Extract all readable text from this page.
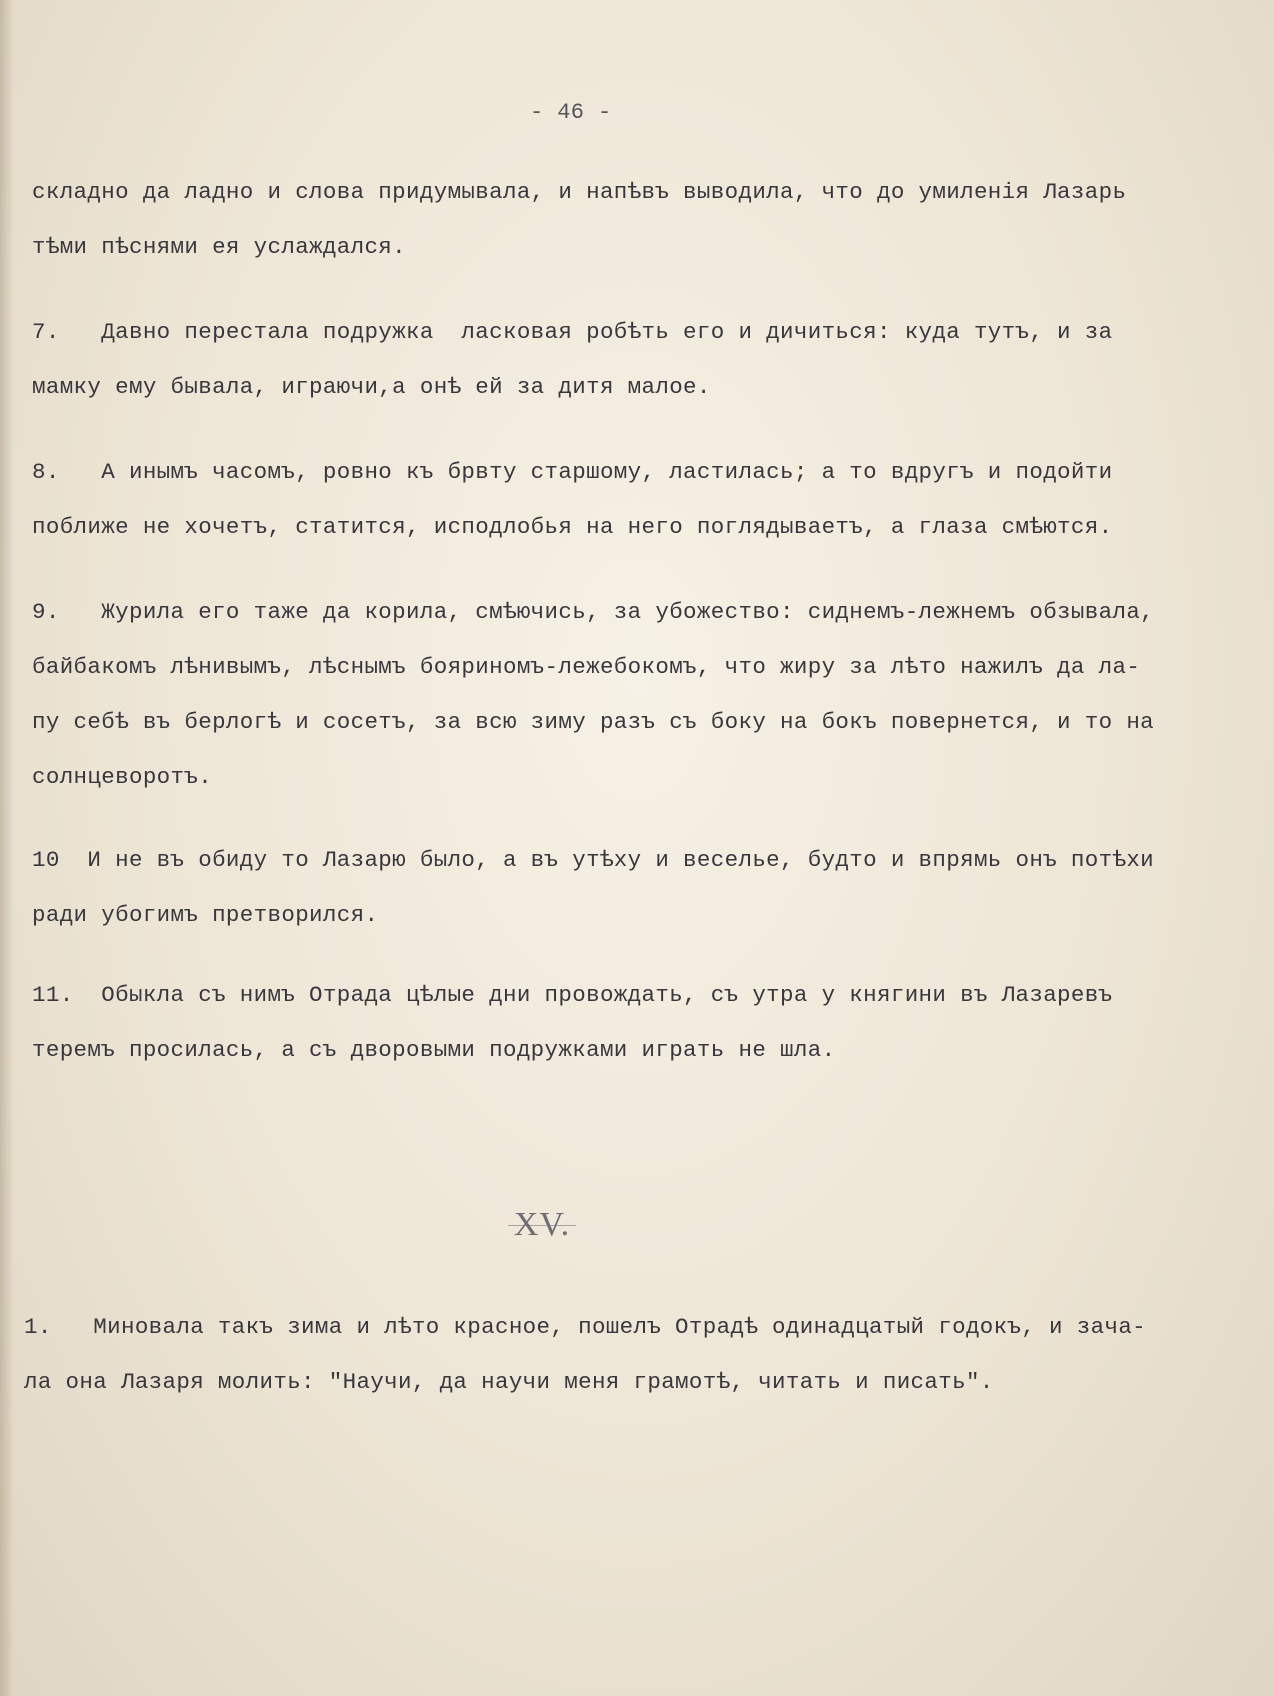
- 46 -
складно да ладно и слова придумывала, и напѣвъ выводила, что до умиленія Лазарь
тѣми пѣснями ея услаждался.
7.   Давно перестала подружка  ласковая робѣть его и дичиться: куда тутъ, и за
мамку ему бывала, играючи,а онѣ ей за дитя малое.
8.   А инымъ часомъ, ровно къ брвту старшому, ластилась; а то вдругъ и подойти
поближе не хочетъ, статится, исподлобья на него поглядываетъ, а глаза смѣются.
9.   Журила его таже да корила, смѣючись, за убожество: сиднемъ-лежнемъ обзывала,
байбакомъ лѣнивымъ, лѣснымъ бояриномъ-лежебокомъ, что жиру за лѣто нажилъ да ла-
пу себѣ въ берлогѣ и сосетъ, за всю зиму разъ съ боку на бокъ повернется, и то на
солнцеворотъ.
10  И не въ обиду то Лазарю было, а въ утѣху и веселье, будто и впрямь онъ потѣхи
ради убогимъ претворился.
11.  Обыкла съ нимъ Отрада цѣлые дни провождать, съ утра у княгини въ Лазаревъ
теремъ просилась, а съ дворовыми подружками играть не шла.
XV.
1.   Миновала такъ зима и лѣто красное, пошелъ Отрадѣ одинадцатый годокъ, и зача-
ла она Лазаря молить: "Научи, да научи меня грамотѣ, читать и писать".
